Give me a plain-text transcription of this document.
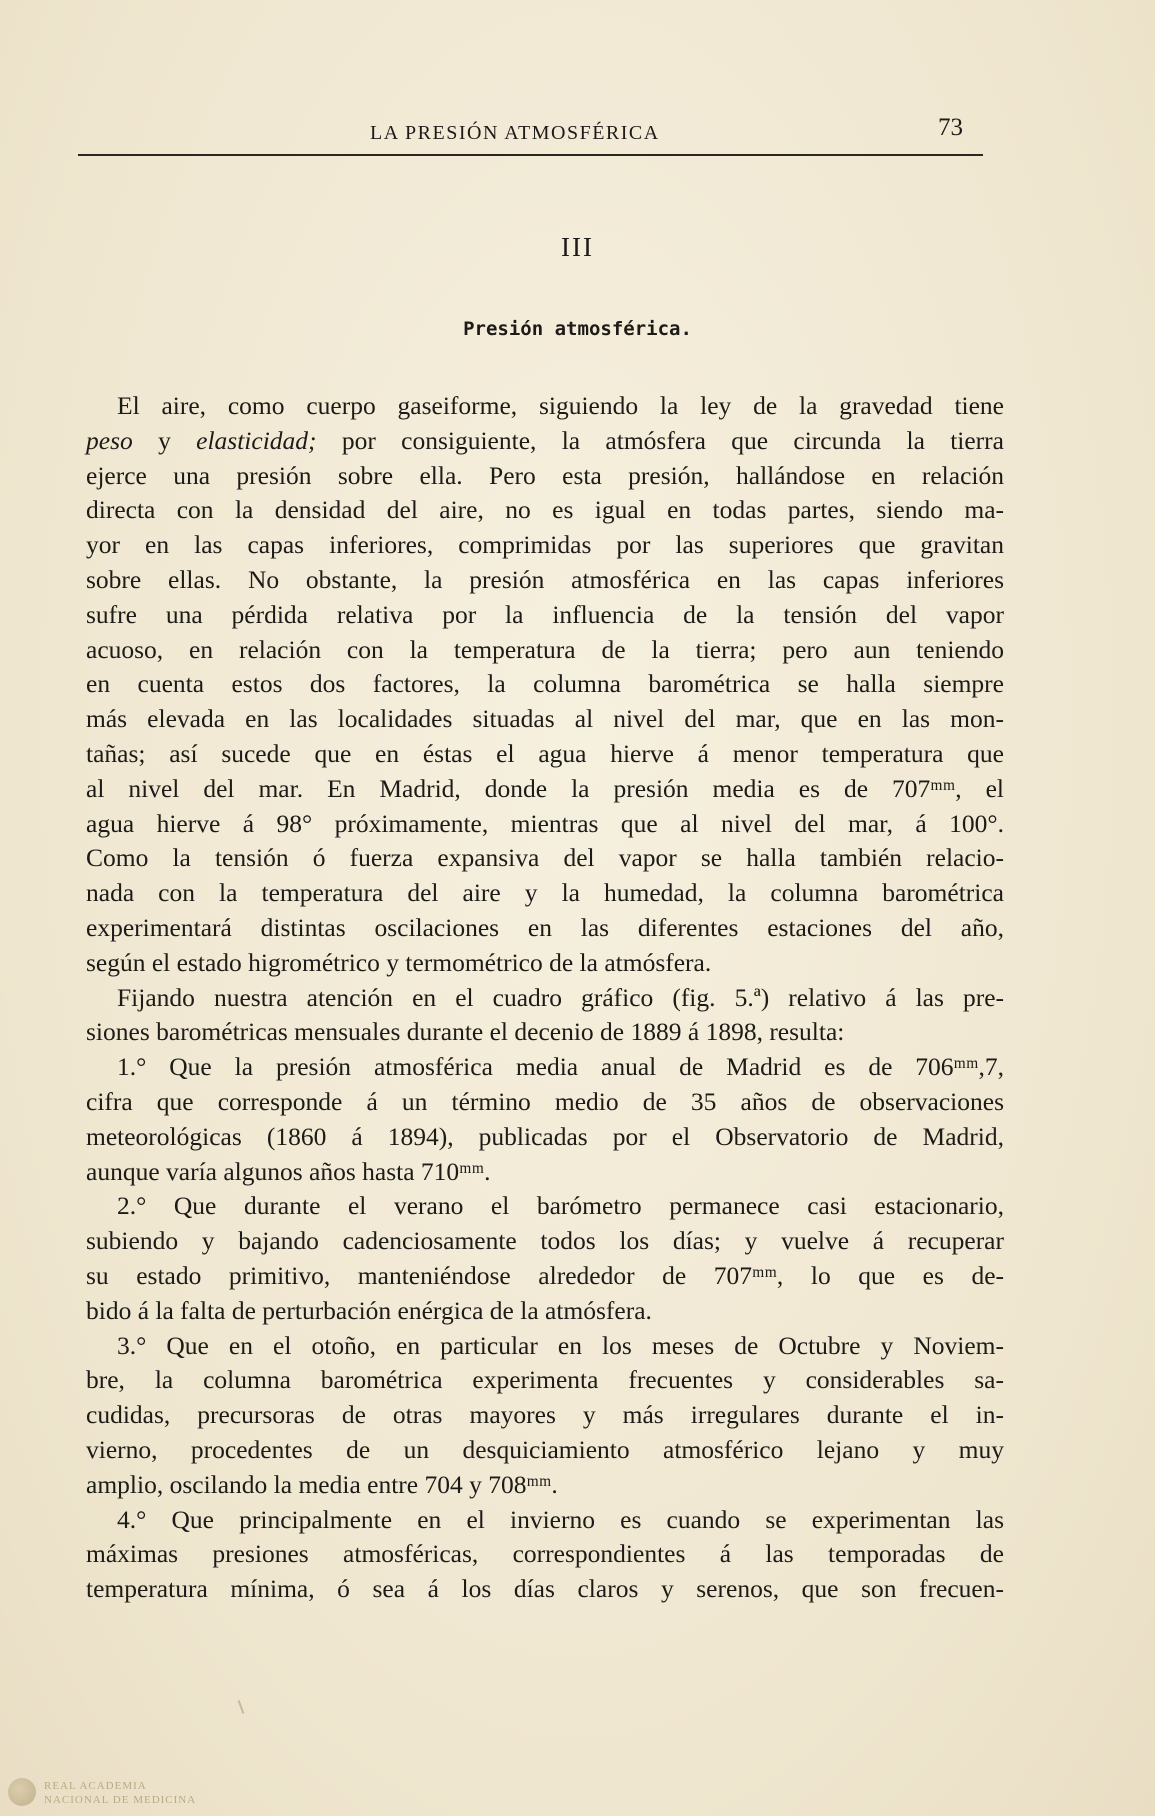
LA PRESIÓN ATMOSFÉRICA	73
III
Presión atmosférica.
El aire, como cuerpo gaseiforme, siguiendo la ley de la gravedad tiene
peso y elasticidad; por consiguiente, la atmósfera que circunda la tierra
ejerce una presión sobre ella. Pero esta presión, hallándose en relación
directa con la densidad del aire, no es igual en todas partes, siendo ma-
yor en las capas inferiores, comprimidas por las superiores que gravitan
sobre ellas. No obstante, la presión atmosférica en las capas inferiores
sufre una pérdida relativa por la influencia de la tensión del vapor
acuoso, en relación con la temperatura de la tierra; pero aun teniendo
en cuenta estos dos factores, la columna barométrica se halla siempre
más elevada en las localidades situadas al nivel del mar, que en las mon-
tañas; así sucede que en éstas el agua hierve á menor temperatura que
al nivel del mar. En Madrid, donde la presión media es de 707ᵐᵐ, el
agua hierve á 98° próximamente, mientras que al nivel del mar, á 100°.
Como la tensión ó fuerza expansiva del vapor se halla también relacio-
nada con la temperatura del aire y la humedad, la columna barométrica
experimentará distintas oscilaciones en las diferentes estaciones del año,
según el estado higrométrico y termométrico de la atmósfera.
Fijando nuestra atención en el cuadro gráfico (fig. 5.ª) relativo á las pre-
siones barométricas mensuales durante el decenio de 1889 á 1898, resulta:
1.° Que la presión atmosférica media anual de Madrid es de 706ᵐᵐ,7,
cifra que corresponde á un término medio de 35 años de observaciones
meteorológicas (1860 á 1894), publicadas por el Observatorio de Madrid,
aunque varía algunos años hasta 710ᵐᵐ.
2.° Que durante el verano el barómetro permanece casi estacionario,
subiendo y bajando cadenciosamente todos los días; y vuelve á recuperar
su estado primitivo, manteniéndose alrededor de 707ᵐᵐ, lo que es de-
bido á la falta de perturbación enérgica de la atmósfera.
3.° Que en el otoño, en particular en los meses de Octubre y Noviem-
bre, la columna barométrica experimenta frecuentes y considerables sa-
cudidas, precursoras de otras mayores y más irregulares durante el in-
vierno, procedentes de un desquiciamiento atmosférico lejano y muy
amplio, oscilando la media entre 704 y 708ᵐᵐ.
4.° Que principalmente en el invierno es cuando se experimentan las
máximas presiones atmosféricas, correspondientes á las temporadas de
temperatura mínima, ó sea á los días claros y serenos, que son frecuen-
REAL ACADEMIA
NACIONAL DE MEDICINA
